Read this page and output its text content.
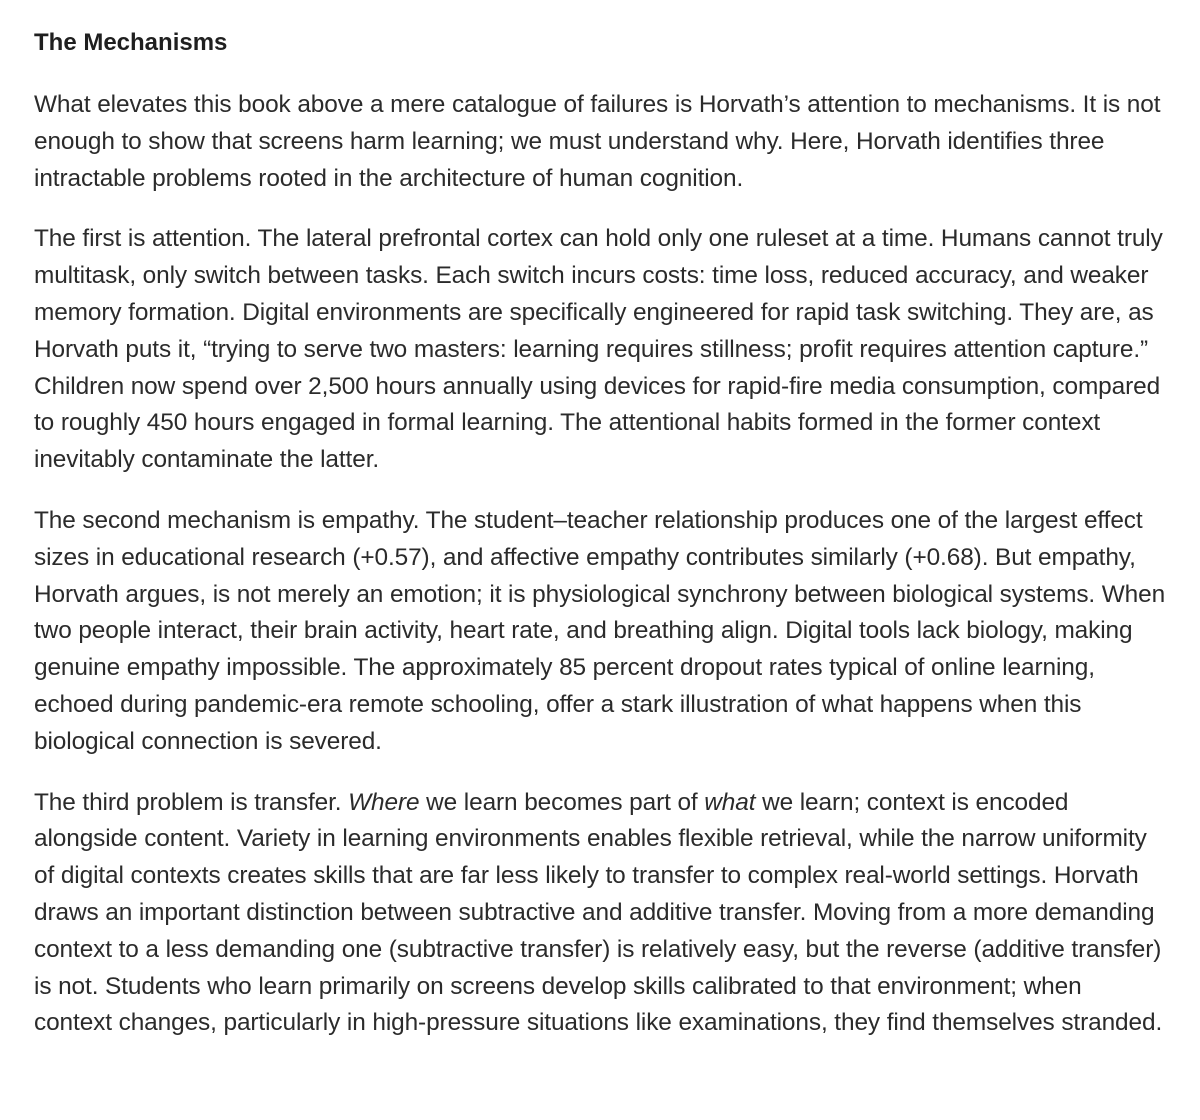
The Mechanisms

What elevates this book above a mere catalogue of failures is Horvath’s attention to mechanisms. It is not enough to show that screens harm learning; we must understand why. Here, Horvath identifies three intractable problems rooted in the architecture of human cognition.

The first is attention. The lateral prefrontal cortex can hold only one ruleset at a time. Humans cannot truly multitask, only switch between tasks. Each switch incurs costs: time loss, reduced accuracy, and weaker memory formation. Digital environments are specifically engineered for rapid task switching. They are, as Horvath puts it, “trying to serve two masters: learning requires stillness; profit requires attention capture.” Children now spend over 2,500 hours annually using devices for rapid-fire media consumption, compared to roughly 450 hours engaged in formal learning. The attentional habits formed in the former context inevitably contaminate the latter.

The second mechanism is empathy. The student–teacher relationship produces one of the largest effect sizes in educational research (+0.57), and affective empathy contributes similarly (+0.68). But empathy, Horvath argues, is not merely an emotion; it is physiological synchrony between biological systems. When two people interact, their brain activity, heart rate, and breathing align. Digital tools lack biology, making genuine empathy impossible. The approximately 85 percent dropout rates typical of online learning, echoed during pandemic-era remote schooling, offer a stark illustration of what happens when this biological connection is severed.

The third problem is transfer. Where we learn becomes part of what we learn; context is encoded alongside content. Variety in learning environments enables flexible retrieval, while the narrow uniformity of digital contexts creates skills that are far less likely to transfer to complex real-world settings. Horvath draws an important distinction between subtractive and additive transfer. Moving from a more demanding context to a less demanding one (subtractive transfer) is relatively easy, but the reverse (additive transfer) is not. Students who learn primarily on screens develop skills calibrated to that environment; when context changes, particularly in high-pressure situations like examinations, they find themselves stranded.
